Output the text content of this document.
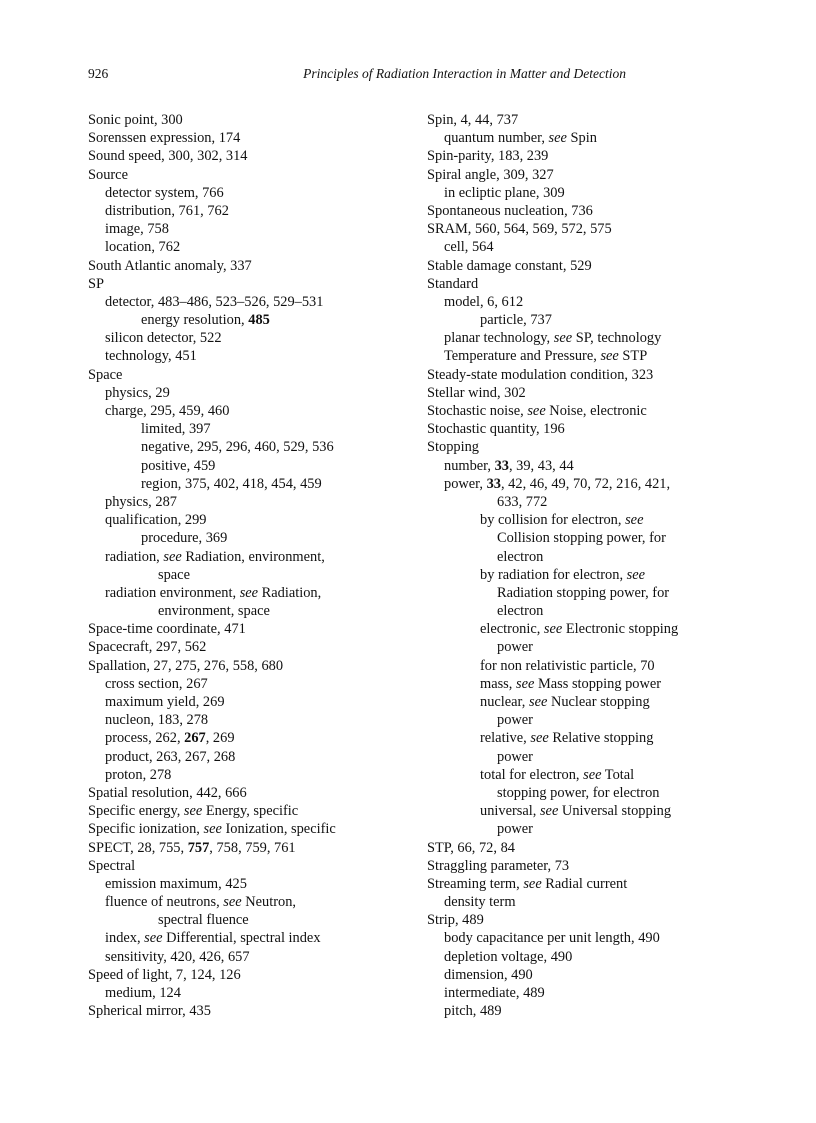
926	Principles of Radiation Interaction in Matter and Detection
Sonic point, 300
Sorenssen expression, 174
Sound speed, 300, 302, 314
Source
detector system, 766
distribution, 761, 762
image, 758
location, 762
South Atlantic anomaly, 337
SP
detector, 483–486, 523–526, 529–531
energy resolution, 485
silicon detector, 522
technology, 451
Space
physics, 29
charge, 295, 459, 460
limited, 397
negative, 295, 296, 460, 529, 536
positive, 459
region, 375, 402, 418, 454, 459
physics, 287
qualification, 299
procedure, 369
radiation, see Radiation, environment,
space
radiation environment, see Radiation,
environment, space
Space-time coordinate, 471
Spacecraft, 297, 562
Spallation, 27, 275, 276, 558, 680
cross section, 267
maximum yield, 269
nucleon, 183, 278
process, 262, 267, 269
product, 263, 267, 268
proton, 278
Spatial resolution, 442, 666
Specific energy, see Energy, specific
Specific ionization, see Ionization, specific
SPECT, 28, 755, 757, 758, 759, 761
Spectral
emission maximum, 425
fluence of neutrons, see Neutron,
spectral fluence
index, see Differential, spectral index
sensitivity, 420, 426, 657
Speed of light, 7, 124, 126
medium, 124
Spherical mirror, 435
Spin, 4, 44, 737
quantum number, see Spin
Spin-parity, 183, 239
Spiral angle, 309, 327
in ecliptic plane, 309
Spontaneous nucleation, 736
SRAM, 560, 564, 569, 572, 575
cell, 564
Stable damage constant, 529
Standard
model, 6, 612
particle, 737
planar technology, see SP, technology
Temperature and Pressure, see STP
Steady-state modulation condition, 323
Stellar wind, 302
Stochastic noise, see Noise, electronic
Stochastic quantity, 196
Stopping
number, 33, 39, 43, 44
power, 33, 42, 46, 49, 70, 72, 216, 421,
633, 772
by collision for electron, see
Collision stopping power, for
electron
by radiation for electron, see
Radiation stopping power, for
electron
electronic, see Electronic stopping
power
for non relativistic particle, 70
mass, see Mass stopping power
nuclear, see Nuclear stopping
power
relative, see Relative stopping
power
total for electron, see Total
stopping power, for electron
universal, see Universal stopping
power
STP, 66, 72, 84
Straggling parameter, 73
Streaming term, see Radial current
density term
Strip, 489
body capacitance per unit length, 490
depletion voltage, 490
dimension, 490
intermediate, 489
pitch, 489
